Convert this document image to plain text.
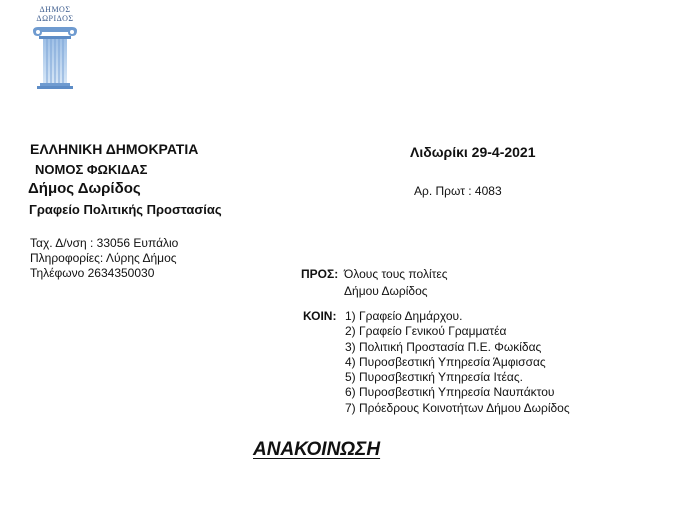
ΔΗΜΟΣ
ΔΩΡΙΔΟΣ
ΕΛΛΗΝΙΚΗ ΔΗΜΟΚΡΑΤΙΑ
ΝΟΜΟΣ ΦΩΚΙΔΑΣ
Δήμος Δωρίδος
Γραφείο Πολιτικής Προστασίας
Λιδωρίκι 29-4-2021
Αρ. Πρωτ : 4083
Ταχ. Δ/νση : 33056 Ευπάλιο
Πληροφορίες: Λύρης Δήμος
Τηλέφωνο 2634350030	ΠΡΟΣ: Όλους τους πολίτες
Δήμου Δωρίδος
ΚΟΙΝ: 1) Γραφείο Δημάρχου.
2) Γραφείο Γενικού Γραμματέα
3) Πολιτική Προστασία Π.Ε. Φωκίδας
4) Πυροσβεστική Υπηρεσία Άμφισσας
5) Πυροσβεστική Υπηρεσία Ιτέας.
6) Πυροσβεστική Υπηρεσία Ναυπάκτου
7) Πρόεδρους Κοινοτήτων Δήμου Δωρίδος
ΑΝΑΚΟΙΝΩΣΗ
